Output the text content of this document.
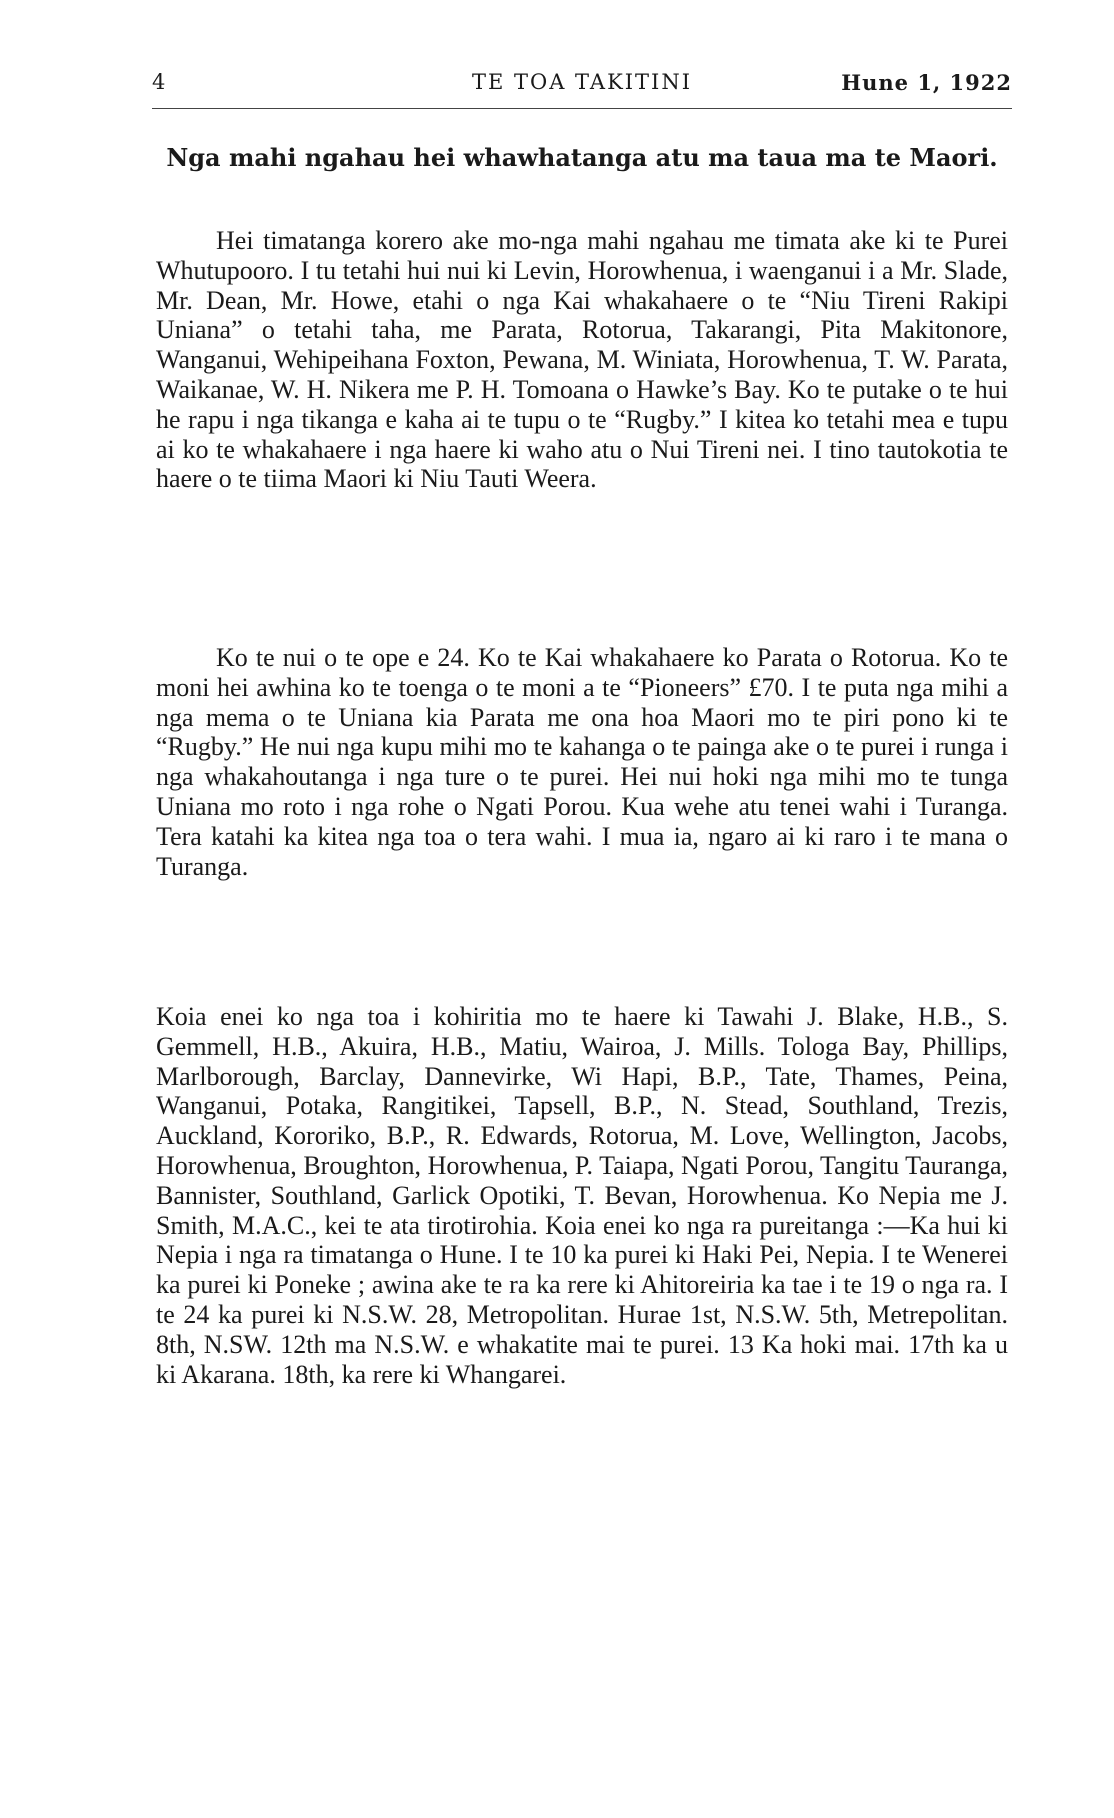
4	TE TOA TAKITINI	Hune 1, 1922
Nga mahi ngahau hei whawhatanga atu ma taua ma te Maori.

Hei timatanga korero ake mo-nga mahi ngahau me timata ake ki te Purei Whutupooro. I tu tetahi hui nui ki Levin, Horowhenua, i waenganui i a Mr. Slade, Mr. Dean, Mr. Howe, etahi o nga Kai whakahaere o te “Niu Tireni Rakipi Uniana” o tetahi taha, me Parata, Rotorua, Takarangi, Pita Makitonore, Wanganui, Wehipeihana Foxton, Pewana, M. Winiata, Horowhenua, T. W. Parata, Waikanae, W. H. Nikera me P. H. Tomoana o Hawke’s Bay. Ko te putake o te hui he rapu i nga tikanga e kaha ai te tupu o te “Rugby.” I kitea ko tetahi mea e tupu ai ko te whakahaere i nga haere ki waho atu o Nui Tireni nei. I tino tautokotia te haere o te tiima Maori ki Niu Tauti Weera.

Ko te nui o te ope e 24. Ko te Kai whakahaere ko Parata o Rotorua. Ko te moni hei awhina ko te toenga o te moni a te “Pioneers” £70. I te puta nga mihi a nga mema o te Uniana kia Parata me ona hoa Maori mo te piri pono ki te “Rugby.” He nui nga kupu mihi mo te kahanga o te painga ake o te purei i runga i nga whakahoutanga i nga ture o te purei. Hei nui hoki nga mihi mo te tunga Uniana mo roto i nga rohe o Ngati Porou. Kua wehe atu tenei wahi i Turanga. Tera katahi ka kitea nga toa o tera wahi. I mua ia, ngaro ai ki raro i te mana o Turanga.

Koia enei ko nga toa i kohiritia mo te haere ki Tawahi J. Blake, H.B., S. Gemmell, H.B., Akuira, H.B., Matiu, Wairoa, J. Mills. Tologa Bay, Phillips, Marlborough, Barclay, Dannevirke, Wi Hapi, B.P., Tate, Thames, Peina, Wanganui, Potaka, Rangitikei, Tapsell, B.P., N. Stead, Southland, Trezis, Auckland, Kororiko, B.P., R. Edwards, Rotorua, M. Love, Wellington, Jacobs, Horowhenua, Broughton, Horowhenua, P. Taiapa, Ngati Porou, Tangitu Tauranga, Bannister, Southland, Garlick Opotiki, T. Bevan, Horowhenua. Ko Nepia me J. Smith, M.A.C., kei te ata tirotirohia. Koia enei ko nga ra pureitanga :—Ka hui ki Nepia i nga ra timatanga o Hune. I te 10 ka purei ki Haki Pei, Nepia. I te Wenerei ka purei ki Poneke ; awina ake te ra ka rere ki Ahitoreiria ka tae i te 19 o nga ra. I te 24 ka purei ki N.S.W. 28, Metropolitan. Hurae 1st, N.S.W. 5th, Metrepolitan. 8th, N.SW. 12th ma N.S.W. e whakatite mai te purei. 13 Ka hoki mai. 17th ka u ki Akarana. 18th, ka rere ki Whangarei.
